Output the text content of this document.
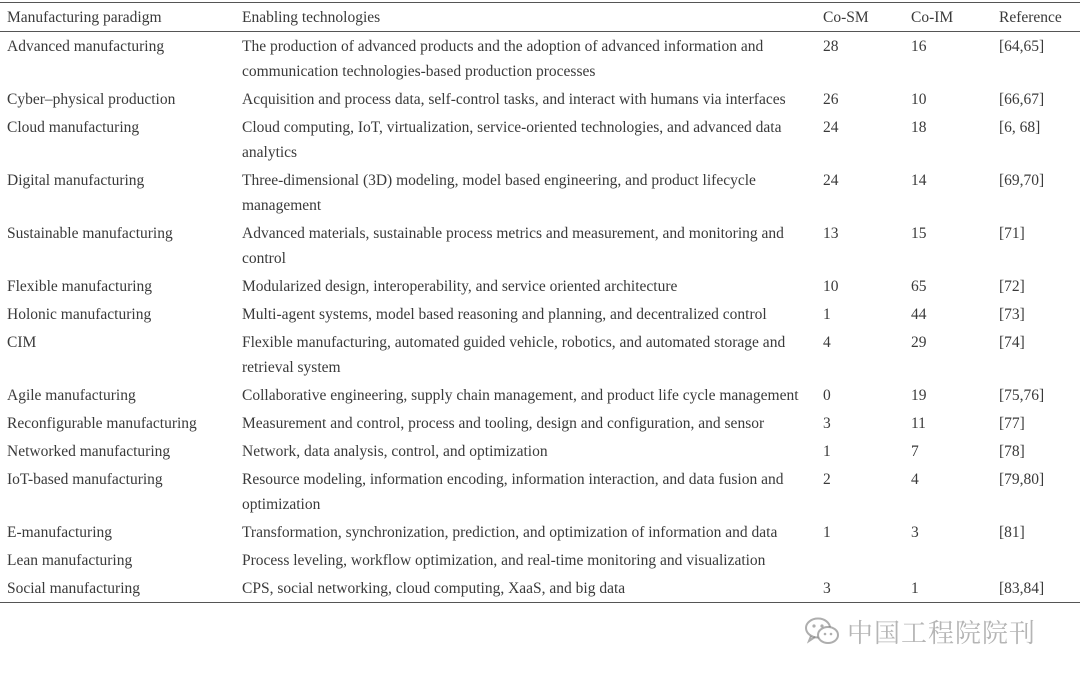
Manufacturing paradigm	Enabling technologies	Co-SM	Co-IM	Reference
Advanced manufacturing	The production of advanced products and the adoption of advanced information and communication technologies-based production processes	28	16	[64,65]
Cyber–physical production	Acquisition and process data, self-control tasks, and interact with humans via interfaces	26	10	[66,67]
Cloud manufacturing	Cloud computing, IoT, virtualization, service-oriented technologies, and advanced data analytics	24	18	[6, 68]
Digital manufacturing	Three-dimensional (3D) modeling, model based engineering, and product lifecycle management	24	14	[69,70]
Sustainable manufacturing	Advanced materials, sustainable process metrics and measurement, and monitoring and control	13	15	[71]
Flexible manufacturing	Modularized design, interoperability, and service oriented architecture	10	65	[72]
Holonic manufacturing	Multi-agent systems, model based reasoning and planning, and decentralized control	1	44	[73]
CIM	Flexible manufacturing, automated guided vehicle, robotics, and automated storage and retrieval system	4	29	[74]
Agile manufacturing	Collaborative engineering, supply chain management, and product life cycle management	0	19	[75,76]
Reconfigurable manufacturing	Measurement and control, process and tooling, design and configuration, and sensor	3	11	[77]
Networked manufacturing	Network, data analysis, control, and optimization	1	7	[78]
IoT-based manufacturing	Resource modeling, information encoding, information interaction, and data fusion and optimization	2	4	[79,80]
E-manufacturing	Transformation, synchronization, prediction, and optimization of information and data	1	3	[81]
Lean manufacturing	Process leveling, workflow optimization, and real-time monitoring and visualization			
Social manufacturing	CPS, social networking, cloud computing, XaaS, and big data	3	1	[83,84]
中国工程院院刊
